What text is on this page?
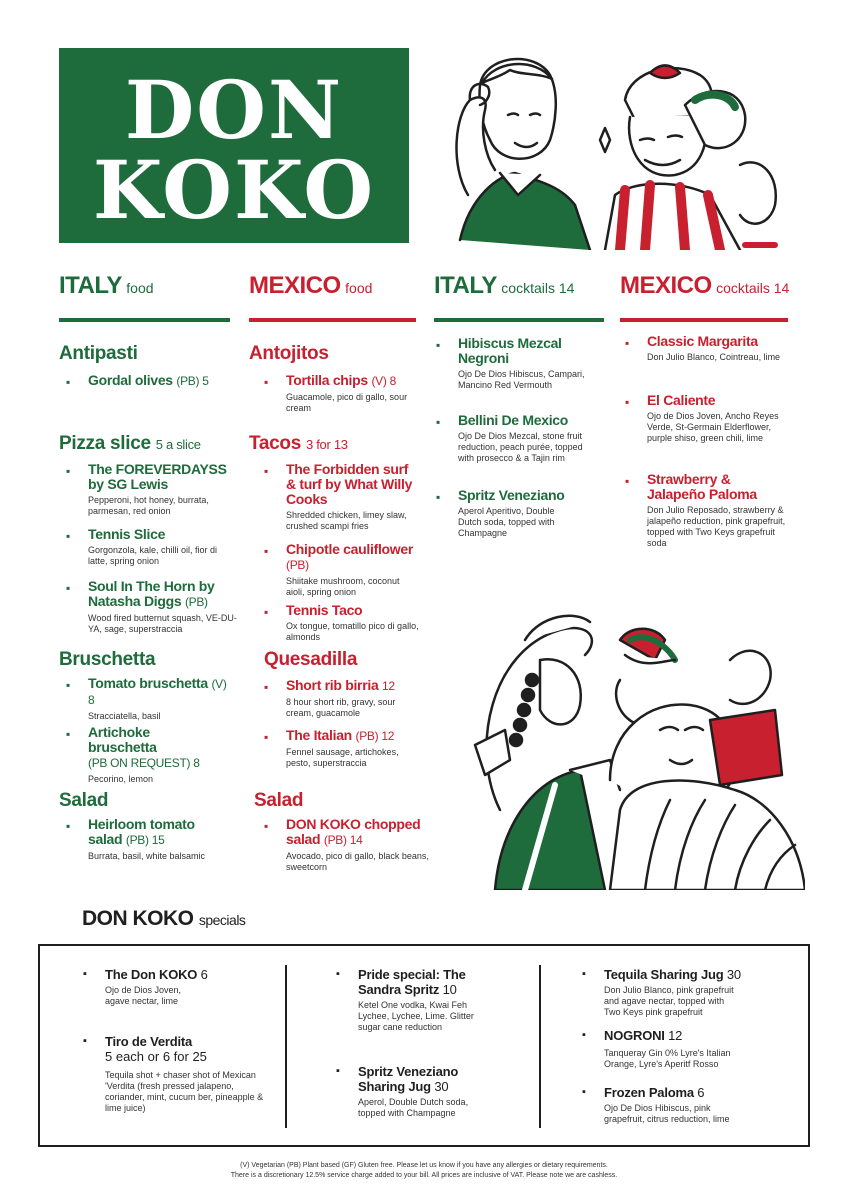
DON
KOKO
ITALY food	MEXICO food	ITALY cocktails 14	MEXICO cocktails 14
Antipasti
▪ Gordal olives (PB) 5
Pizza slice 5 a slice
▪ The FOREVERDAYSS by SG Lewis
Pepperoni, hot honey, burrata, parmesan, red onion
▪ Tennis Slice
Gorgonzola, kale, chilli oil, fior di latte, spring onion
▪ Soul In The Horn by Natasha Diggs (PB)
Wood fired butternut squash, VE-DU-YA, sage, superstraccia
Bruschetta
▪ Tomato bruschetta (V) 8
Stracciatella, basil
▪ Artichoke bruschetta
(PB ON REQUEST) 8
Pecorino, lemon
Salad
▪ Heirloom tomato salad (PB) 15
Burrata, basil, white balsamic
Antojitos
▪ Tortilla chips (V) 8
Guacamole, pico di gallo, sour cream
Tacos 3 for 13
▪ The Forbidden surf & turf by What Willy Cooks
Shredded chicken, limey slaw, crushed scampi fries
▪ Chipotle cauliflower (PB)
Shiitake mushroom, coconut aioli, spring onion
▪ Tennis Taco
Ox tongue, tomatillo pico di gallo, almonds
Quesadilla
▪ Short rib birria 12
8 hour short rib, gravy, sour cream, guacamole
▪ The Italian (PB) 12
Fennel sausage, artichokes, pesto, superstraccia
Salad
▪ DON KOKO chopped salad (PB) 14
Avocado, pico di gallo, black beans, sweetcorn
▪ Hibiscus Mezcal Negroni
Ojo De Dios Hibiscus, Campari, Mancino Red Vermouth
▪ Bellini De Mexico
Ojo De Dios Mezcal, stone fruit reduction, peach purée, topped with prosecco & a Tajin rim
▪ Spritz Veneziano
Aperol Aperitivo, Double Dutch soda, topped with Champagne
▪ Classic Margarita
Don Julio Blanco, Cointreau, lime
▪ El Caliente
Ojo de Dios Joven, Ancho Reyes Verde, St-Germain Elderflower, purple shiso, green chili, lime
▪ Strawberry & Jalapeño Paloma
Don Julio Reposado, strawberry & jalapeño reduction, pink grapefruit, topped with Two Keys grapefruit soda
DON KOKO specials
▪ The Don KOKO 6
Ojo de Dios Joven, agave nectar, lime
▪ Tiro de Verdita
5 each or 6 for 25
Tequila shot + chaser shot of Mexican 'Verdita (fresh pressed jalapeno, coriander, mint, cucum ber, pineapple & lime juice)
▪ Pride special: The Sandra Spritz 10
Ketel One vodka, Kwai Feh Lychee, Lychee, Lime. Glitter sugar cane reduction
▪ Spritz Veneziano Sharing Jug 30
Aperol, Double Dutch soda, topped with Champagne
▪ Tequila Sharing Jug 30
Don Julio Blanco, pink grapefruit and agave nectar, topped with Two Keys pink grapefruit
▪ NOGRONI 12
Tanqueray Gin 0% Lyre's Italian Orange, Lyre's Aperitf Rosso
▪ Frozen Paloma 6
Ojo De Dios Hibiscus, pink grapefruit, citrus reduction, lime
(V) Vegetarian (PB) Plant based (GF) Gluten free. Please let us know if you have any allergies or dietary requirements.
There is a discretionary 12.5% service charge added to your bill. All prices are inclusive of VAT. Please note we are cashless.
